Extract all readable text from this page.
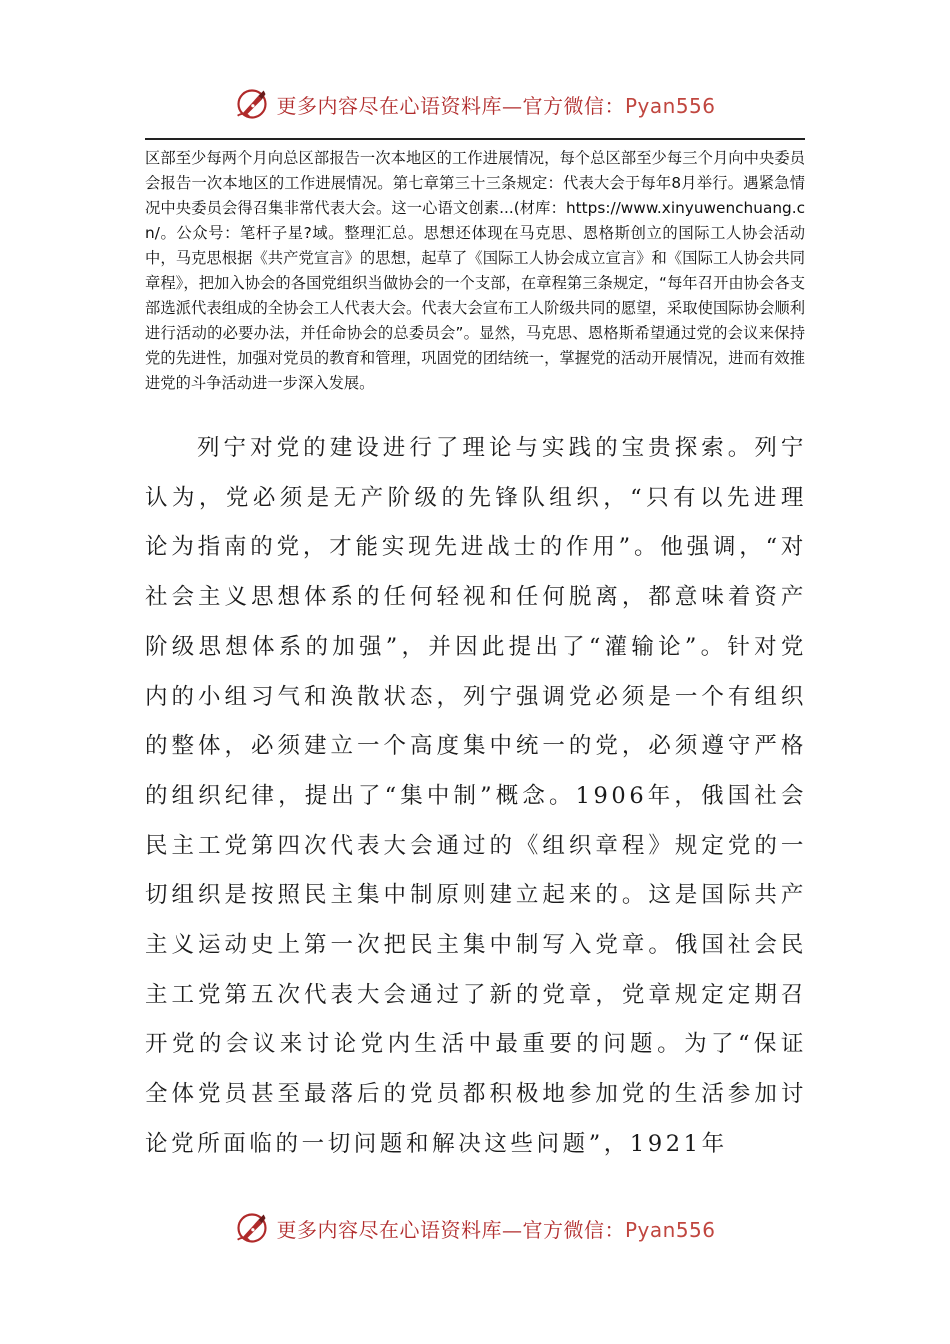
更多内容尽在心语资料库—官方微信：Pyan556

区部至少每两个月向总区部报告一次本地区的工作进展情况，每个总区部至少每三个月向中央委员会报告一次本地区的工作进展情况。第七章第三十三条规定：代表大会于每年8月举行。遇紧急情况中央委员会得召集非常代表大会。这一心语文创素...(材库：https://www.xinyuwenchuang.cn/。公众号：笔杆子星?域。整理汇总。思想还体现在马克思、恩格斯创立的国际工人协会活动中，马克思根据《共产党宣言》的思想，起草了《国际工人协会成立宣言》和《国际工人协会共同章程》，把加入协会的各国党组织当做协会的一个支部，在章程第三条规定，“每年召开由协会各支部选派代表组成的全协会工人代表大会。代表大会宣布工人阶级共同的愿望，采取使国际协会顺利进行活动的必要办法，并任命协会的总委员会”。显然，马克思、恩格斯希望通过党的会议来保持党的先进性，加强对党员的教育和管理，巩固党的团结统一，掌握党的活动开展情况，进而有效推进党的斗争活动进一步深入发展。

列宁对党的建设进行了理论与实践的宝贵探索。列宁认为，党必须是无产阶级的先锋队组织，“只有以先进理论为指南的党，才能实现先进战士的作用”。他强调，“对社会主义思想体系的任何轻视和任何脱离，都意味着资产阶级思想体系的加强”，并因此提出了“灌输论”。针对党内的小组习气和涣散状态，列宁强调党必须是一个有组织的整体，必须建立一个高度集中统一的党，必须遵守严格的组织纪律，提出了“集中制”概念。1906年，俄国社会民主工党第四次代表大会通过的《组织章程》规定党的一切组织是按照民主集中制原则建立起来的。这是国际共产主义运动史上第一次把民主集中制写入党章。俄国社会民主工党第五次代表大会通过了新的党章，党章规定定期召开党的会议来讨论党内生活中最重要的问题。为了“保证全体党员甚至最落后的党员都积极地参加党的生活参加讨论党所面临的一切问题和解决这些问题”，1921年

更多内容尽在心语资料库—官方微信：Pyan556
